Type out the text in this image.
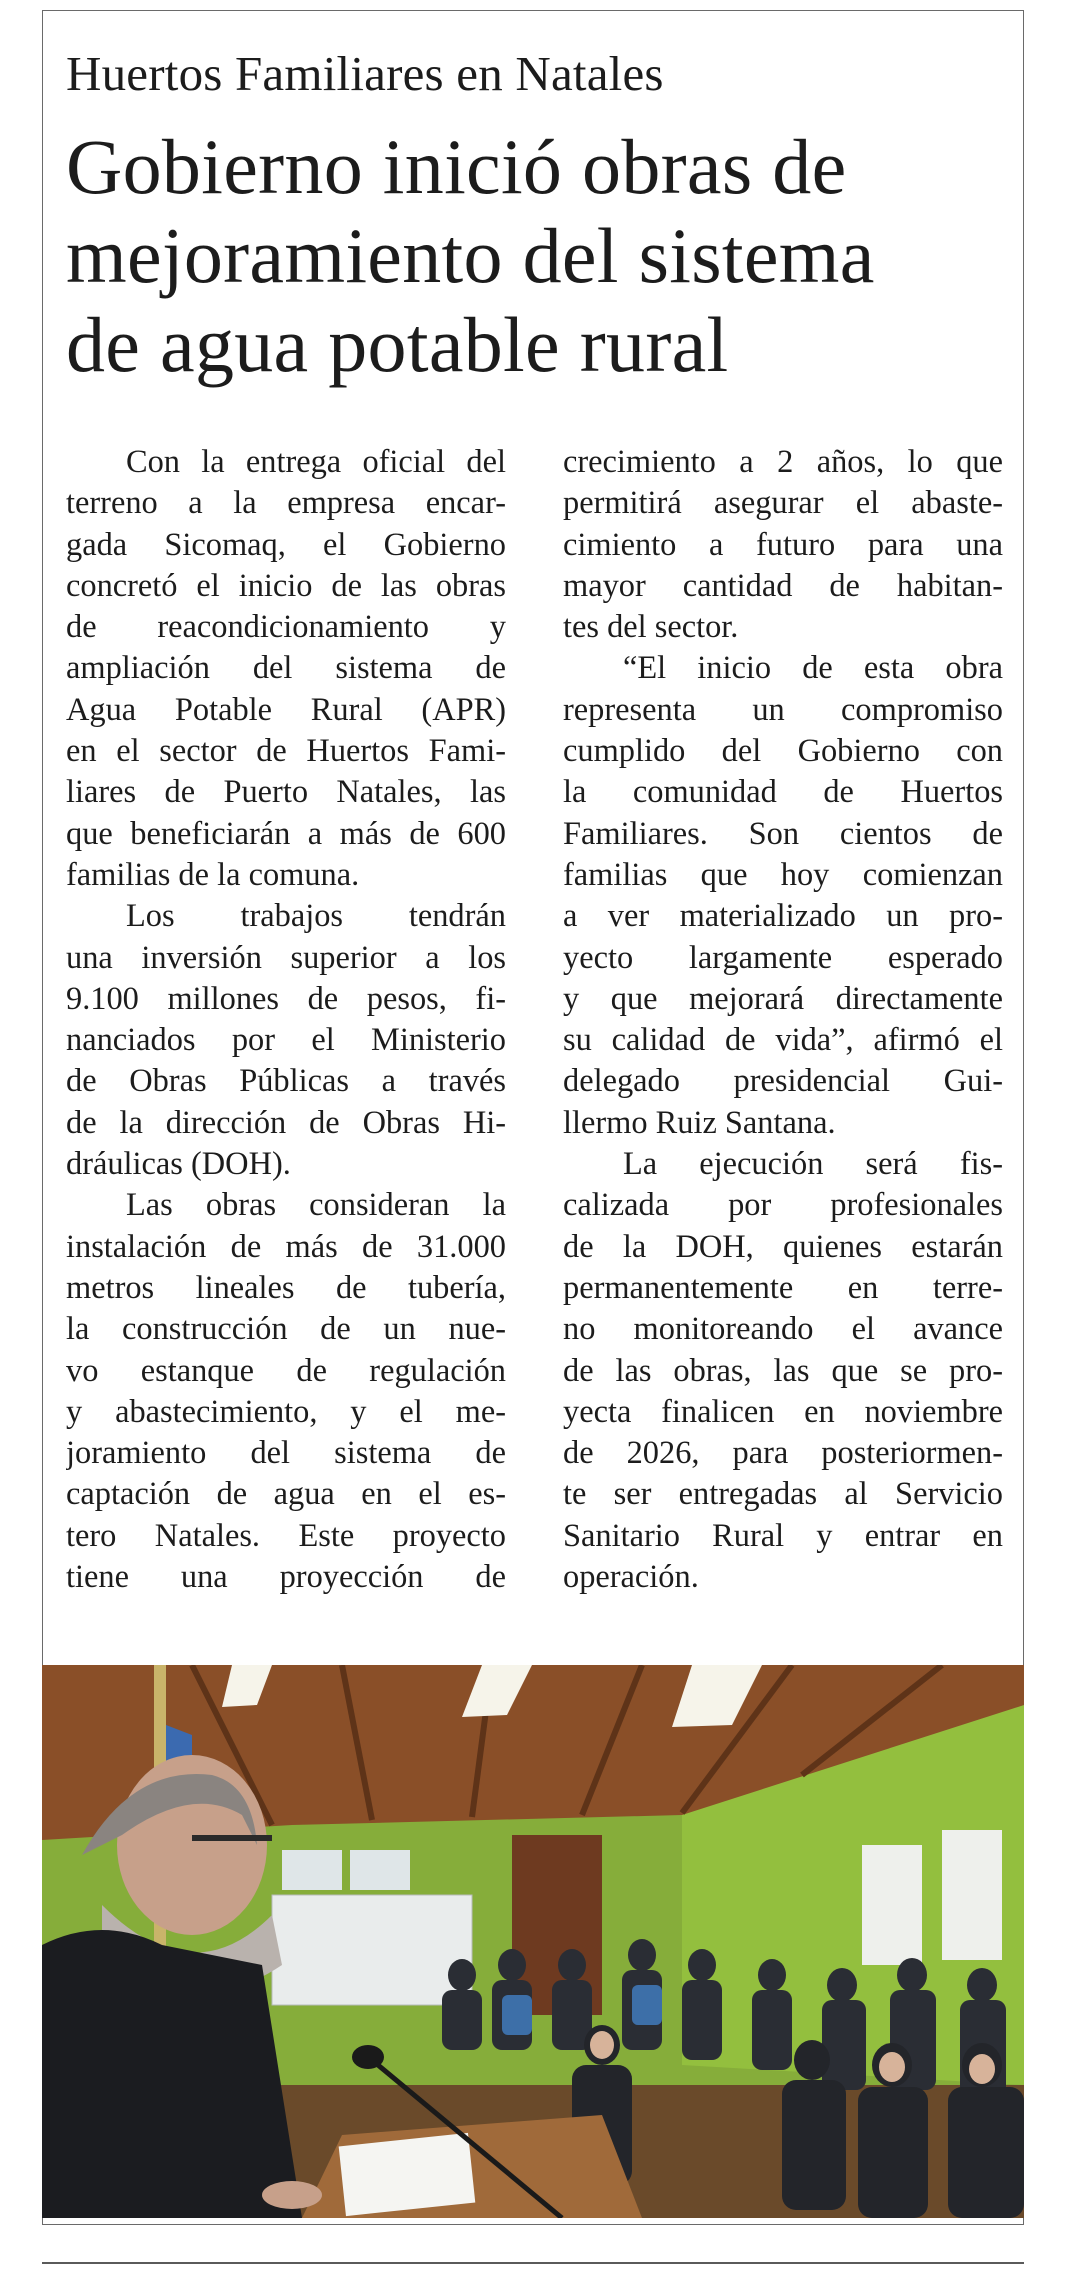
Huertos Familiares en Natales
Gobierno inició obras de
mejoramiento del sistema
de agua potable rural
Con la entrega oficial del
terreno a la empresa encar-
gada Sicomaq, el Gobierno
concretó el inicio de las obras
de reacondicionamiento y
ampliación del sistema de
Agua Potable Rural (APR)
en el sector de Huertos Fami-
liares de Puerto Natales, las
que beneficiarán a más de 600
familias de la comuna.
Los trabajos tendrán
una inversión superior a los
9.100 millones de pesos, fi-
nanciados por el Ministerio
de Obras Públicas a través
de la dirección de Obras Hi-
dráulicas (DOH).
Las obras consideran la
instalación de más de 31.000
metros lineales de tubería,
la construcción de un nue-
vo estanque de regulación
y abastecimiento, y el me-
joramiento del sistema de
captación de agua en el es-
tero Natales. Este proyecto
tiene una proyección de
crecimiento a 2 años, lo que
permitirá asegurar el abaste-
cimiento a futuro para una
mayor cantidad de habitan-
tes del sector.
“El inicio de esta obra
representa un compromiso
cumplido del Gobierno con
la comunidad de Huertos
Familiares. Son cientos de
familias que hoy comienzan
a ver materializado un pro-
yecto largamente esperado
y que mejorará directamente
su calidad de vida”, afirmó el
delegado presidencial Gui-
llermo Ruiz Santana.
La ejecución será fis-
calizada por profesionales
de la DOH, quienes estarán
permanentemente en terre-
no monitoreando el avance
de las obras, las que se pro-
yecta finalicen en noviembre
de 2026, para posteriormen-
te ser entregadas al Servicio
Sanitario Rural y entrar en
operación.
